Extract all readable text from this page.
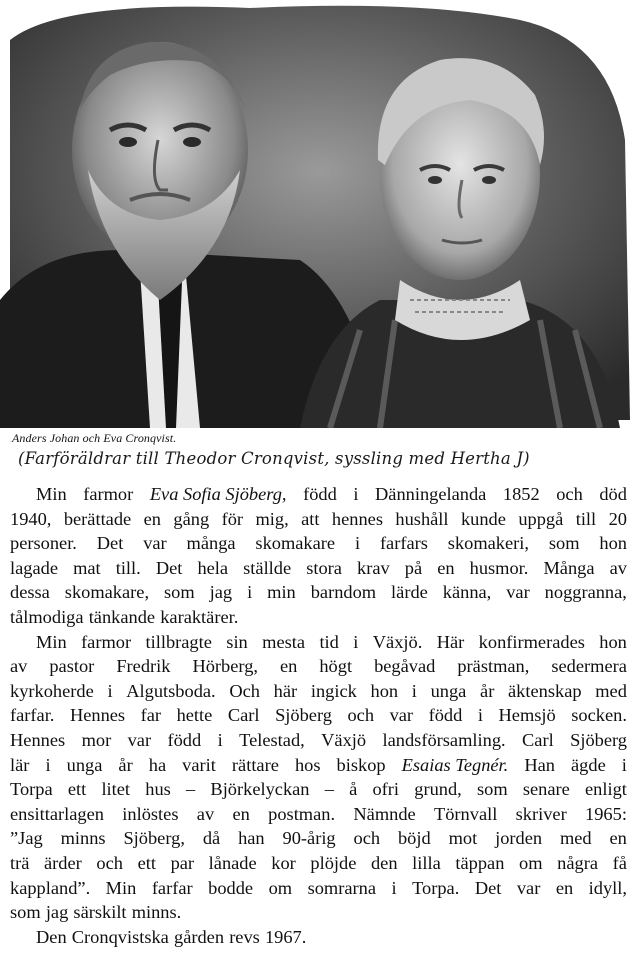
Anders Johan och Eva Cronqvist.
(Farföräldrar till Theodor Cronqvist, syssling med Hertha J)
Min farmor Eva Sofia Sjöberg, född i Dänningelanda 1852 och död
1940, berättade en gång för mig, att hennes hushåll kunde uppgå till 20
personer. Det var många skomakare i farfars skomakeri, som hon
lagade mat till. Det hela ställde stora krav på en husmor. Många av
dessa skomakare, som jag i min barndom lärde känna, var noggranna,
tålmodiga tänkande karaktärer.
Min farmor tillbragte sin mesta tid i Växjö. Här konfirmerades hon
av pastor Fredrik Hörberg, en högt begåvad prästman, sedermera
kyrkoherde i Algutsboda. Och här ingick hon i unga år äktenskap med
farfar. Hennes far hette Carl Sjöberg och var född i Hemsjö socken.
Hennes mor var född i Telestad, Växjö landsförsamling. Carl Sjöberg
lär i unga år ha varit rättare hos biskop Esaias Tegnér. Han ägde i
Torpa ett litet hus – Björkelyckan – å ofri grund, som senare enligt
ensittarlagen inlöstes av en postman. Nämnde Törnvall skriver 1965:
”Jag minns Sjöberg, då han 90-årig och böjd mot jorden med en
trä ärder och ett par lånade kor plöjde den lilla täppan om några få
kappland”. Min farfar bodde om somrarna i Torpa. Det var en idyll,
som jag särskilt minns.
Den Cronqvistska gården revs 1967.
